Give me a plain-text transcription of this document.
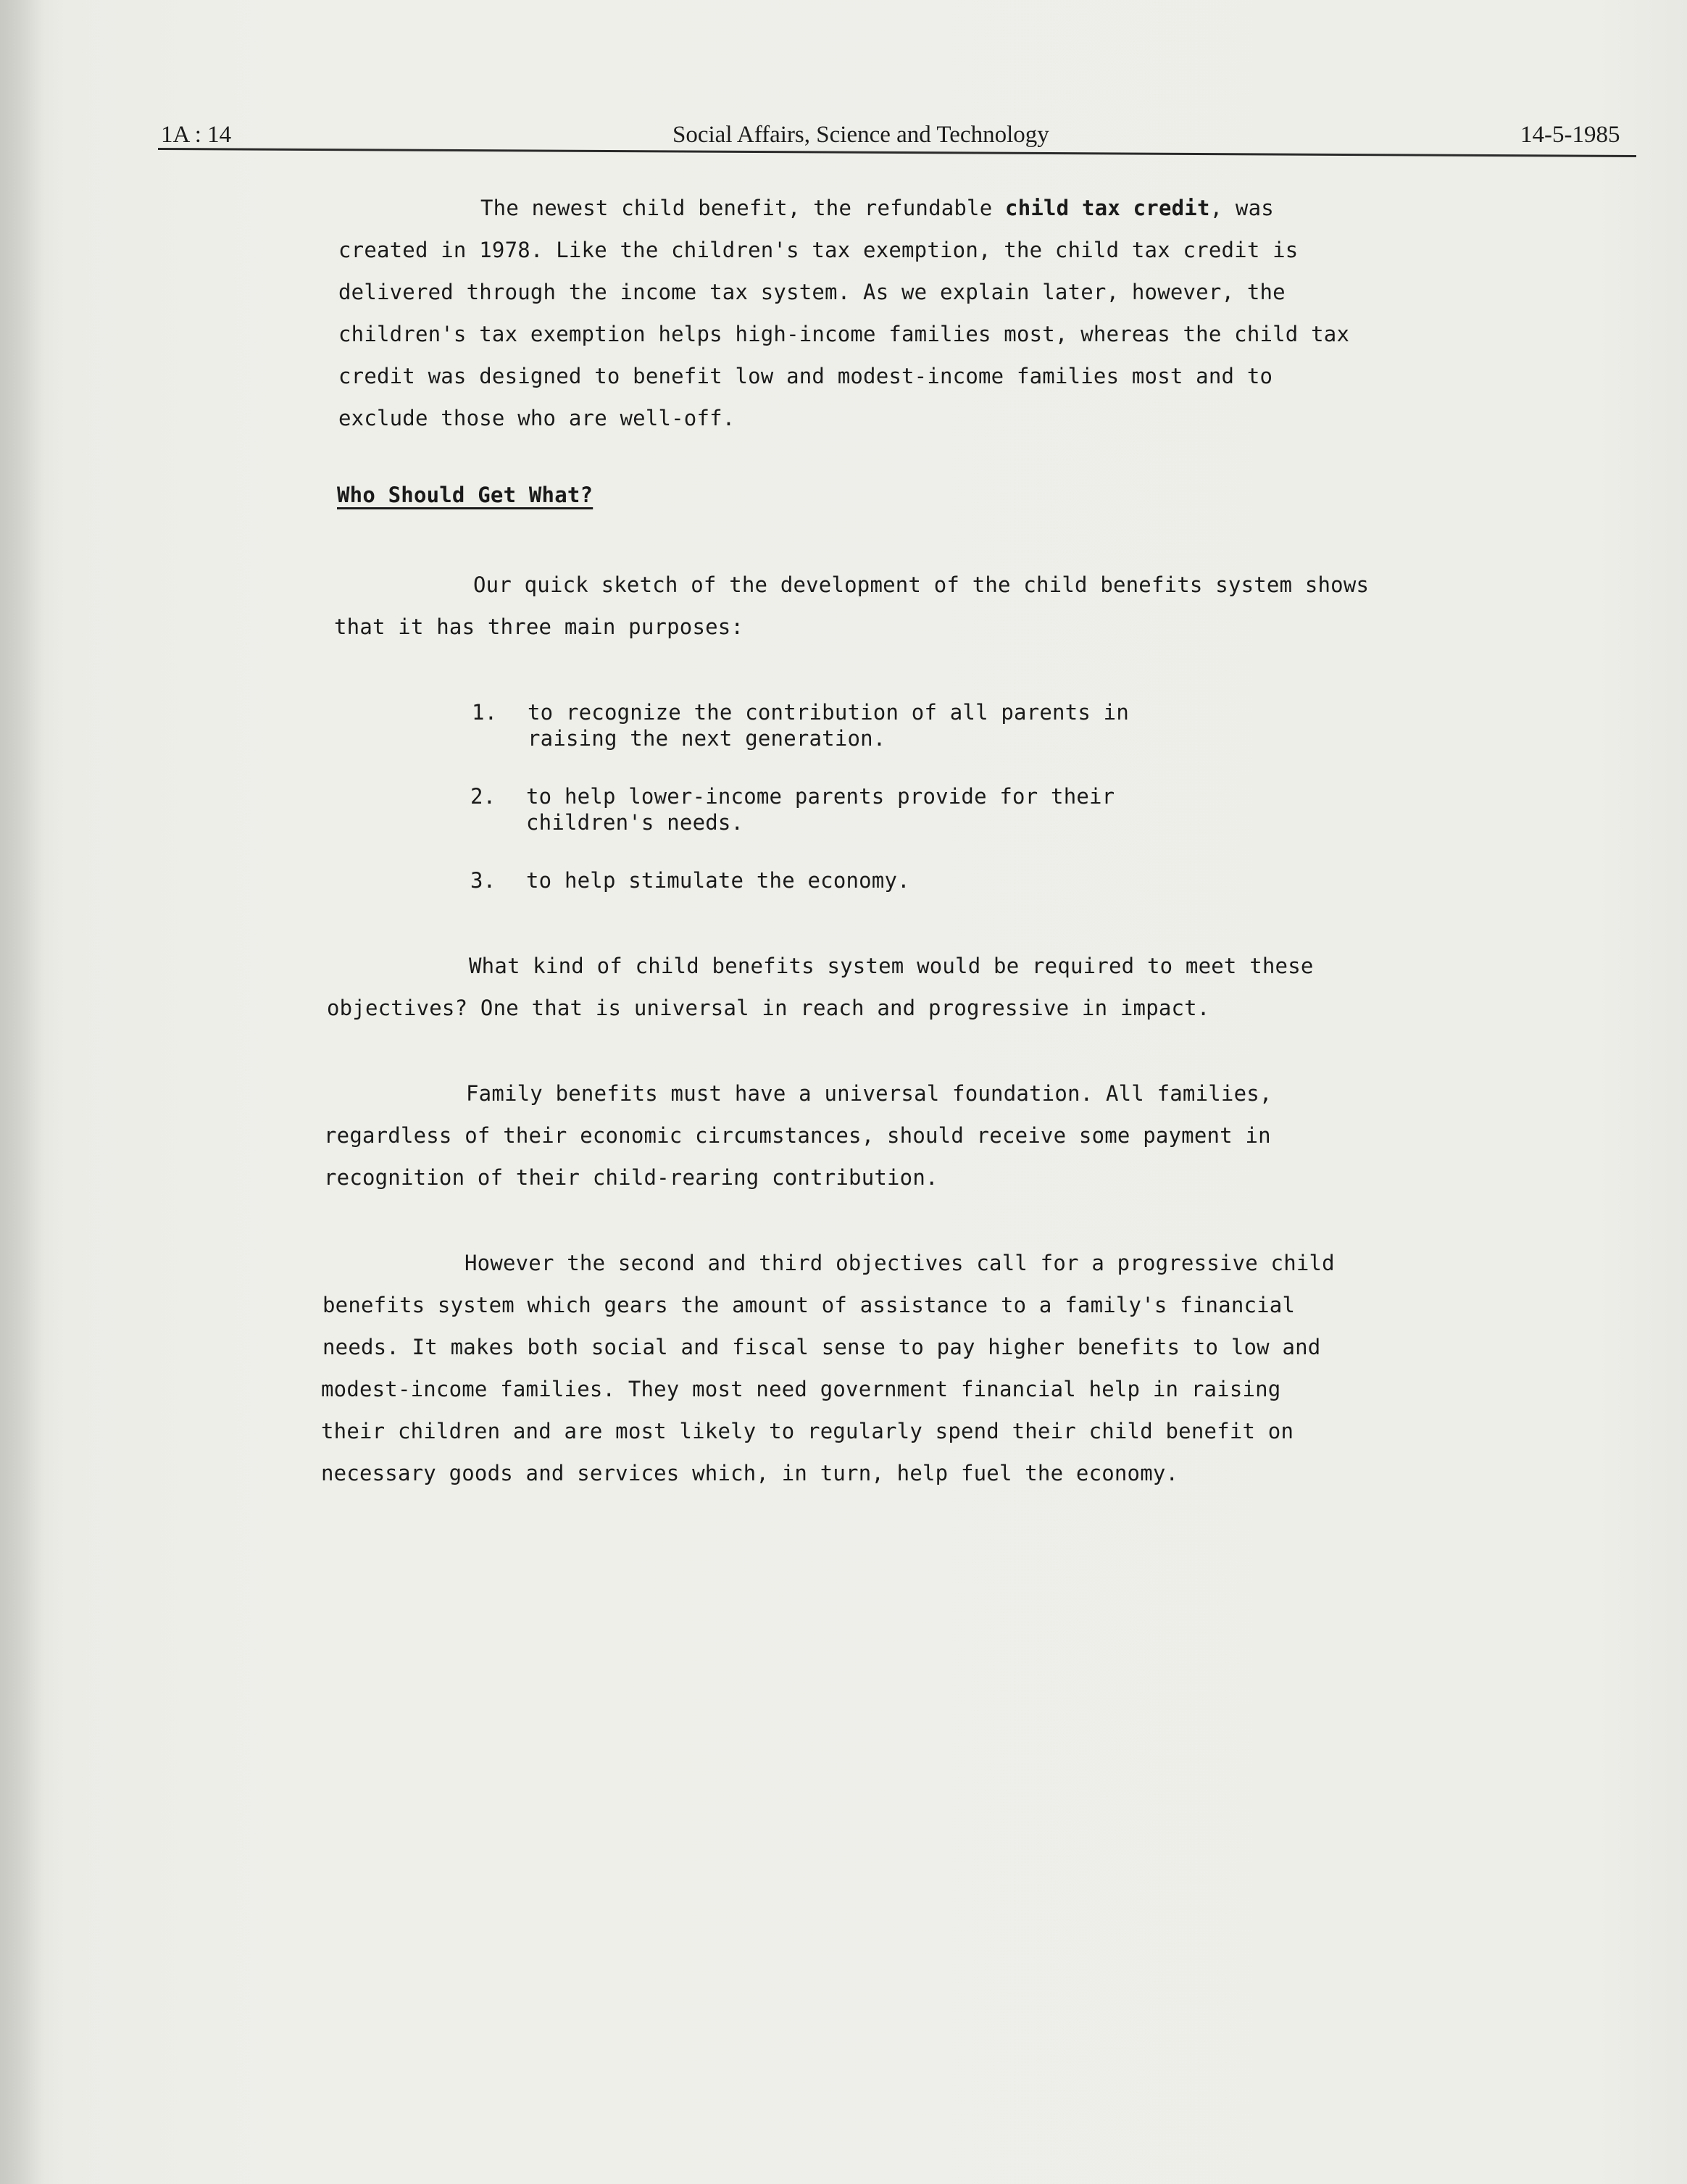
1A : 14	Social Affairs, Science and Technology	14-5-1985
The newest child benefit, the refundable child tax credit, was
created in 1978. Like the children's tax exemption, the child tax credit is
delivered through the income tax system. As we explain later, however, the
children's tax exemption helps high-income families most, whereas the child tax
credit was designed to benefit low and modest-income families most and to
exclude those who are well-off.
Who Should Get What?
Our quick sketch of the development of the child benefits system shows
that it has three main purposes:
1. to recognize the contribution of all parents in
raising the next generation.
2. to help lower-income parents provide for their
children's needs.
3. to help stimulate the economy.
What kind of child benefits system would be required to meet these
objectives? One that is universal in reach and progressive in impact.
Family benefits must have a universal foundation. All families,
regardless of their economic circumstances, should receive some payment in
recognition of their child-rearing contribution.
However the second and third objectives call for a progressive child
benefits system which gears the amount of assistance to a family's financial
needs. It makes both social and fiscal sense to pay higher benefits to low and
modest-income families. They most need government financial help in raising
their children and are most likely to regularly spend their child benefit on
necessary goods and services which, in turn, help fuel the economy.
